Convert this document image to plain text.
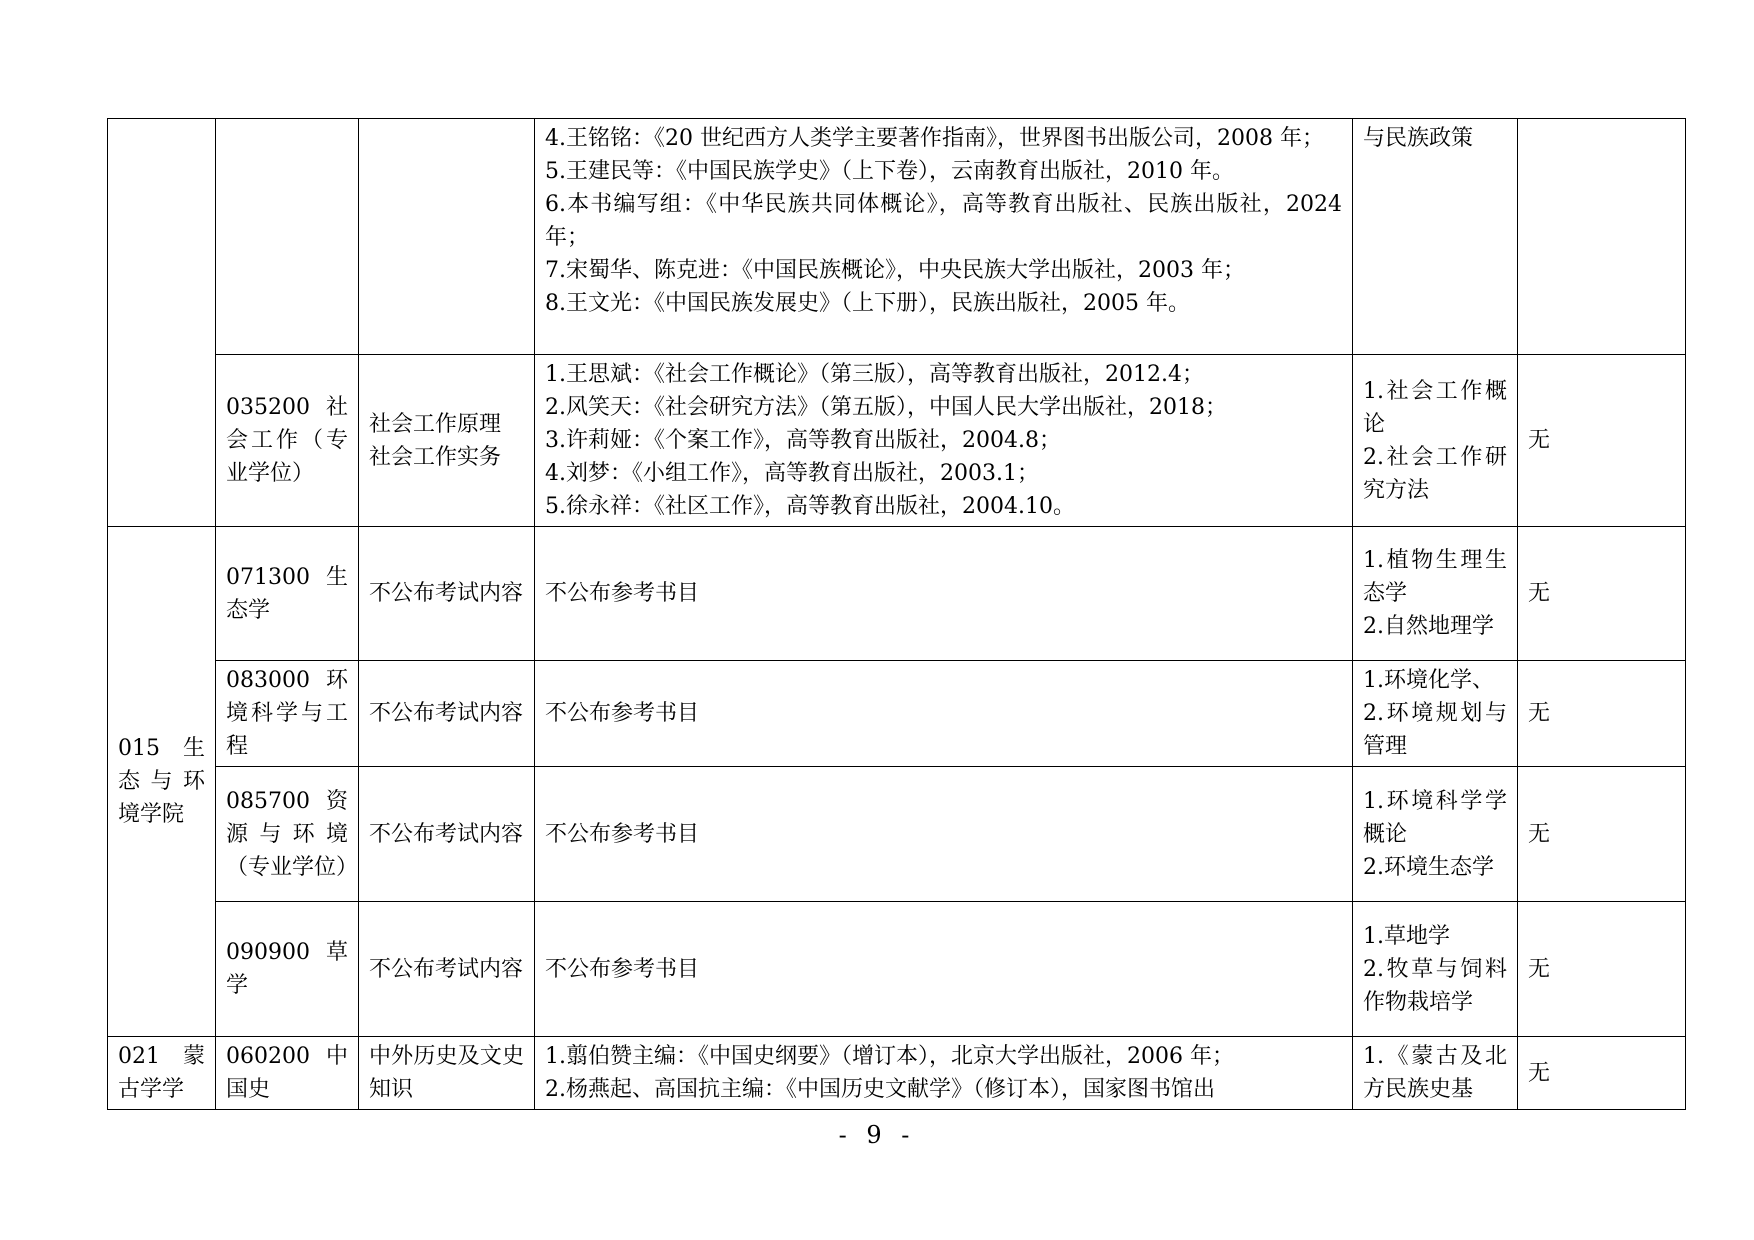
			4.王铭铭：《20 世纪西方人类学主要著作指南》，世界图书出版公司，2008 年；
5.王建民等：《中国民族学史》（上下卷），云南教育出版社，2010 年。
6.本书编写组：《中华民族共同体概论》，高等教育出版社、民族出版社，2024 年；
7.宋蜀华、陈克进：《中国民族概论》，中央民族大学出版社，2003 年；
8.王文光：《中国民族发展史》（上下册），民族出版社，2005 年。	与民族政策	

	035200 社会工作（专业学位）	社会工作原理
社会工作实务	1.王思斌：《社会工作概论》（第三版），高等教育出版社，2012.4；
2.风笑天：《社会研究方法》（第五版），中国人民大学出版社，2018；
3.许莉娅：《个案工作》，高等教育出版社，2004.8；
4.刘梦：《小组工作》，高等教育出版社，2003.1；
5.徐永祥：《社区工作》，高等教育出版社，2004.10。	1.社会工作概论
2.社会工作研究方法	无
015 生态与环境学院	071300 生态学	不公布考试内容	不公布参考书目	1.植物生理生态学
2.自然地理学	无
	083000 环境科学与工程	不公布考试内容	不公布参考书目	1.环境化学、
2.环境规划与管理	无
	085700 资源与环境（专业学位）	不公布考试内容	不公布参考书目	1.环境科学学概论
2.环境生态学	无
	090900 草学	不公布考试内容	不公布参考书目	1.草地学
2.牧草与饲料作物栽培学	无
021 蒙古学学	060200 中国史	中外历史及文史知识	1.翦伯赞主编：《中国史纲要》（增订本），北京大学出版社，2006 年；
2.杨燕起、高国抗主编：《中国历史文献学》（修订本），国家图书馆出	1.《蒙古及北方民族史基	无
- 9 -
